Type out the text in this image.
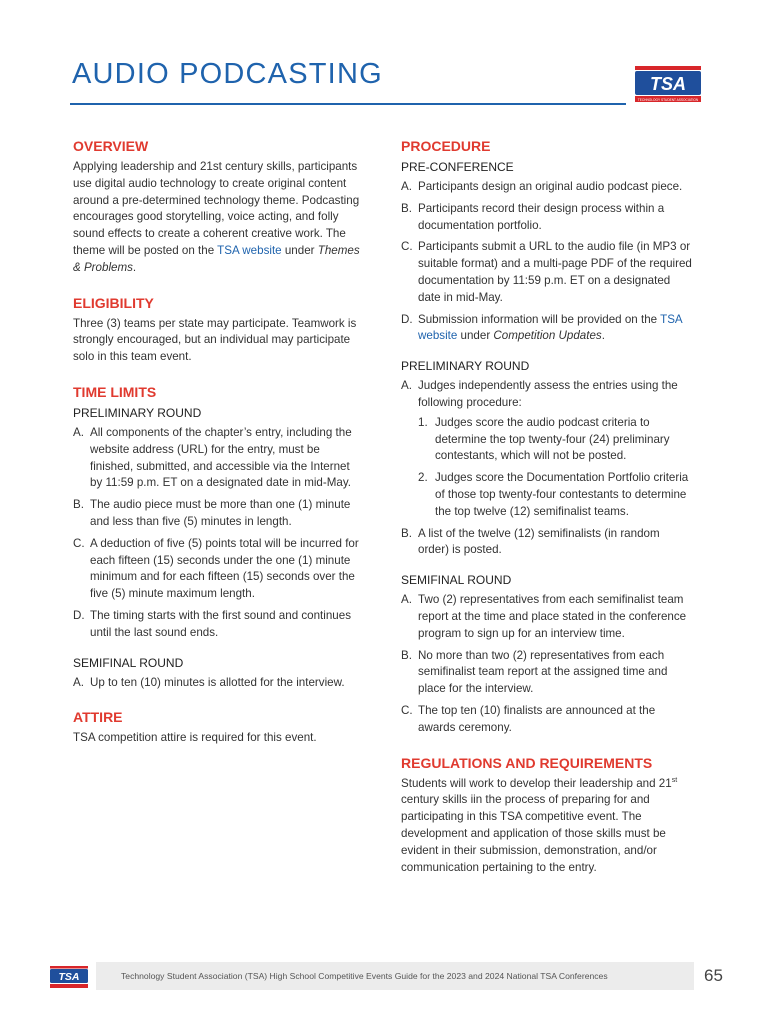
AUDIO PODCASTING	TSA
TECHNOLOGY STUDENT ASSOCIATION
OVERVIEW

Applying leadership and 21st century skills, participants use digital audio technology to create original content around a pre-determined technology theme. Podcasting encourages good storytelling, voice acting, and folly sound effects to create a coherent creative work. The theme will be posted on the TSA website under Themes & Problems.

ELIGIBILITY

Three (3) teams per state may participate. Teamwork is strongly encouraged, but an individual may participate solo in this team event.

TIME LIMITS
PRELIMINARY ROUND
A. All components of the chapter’s entry, including the website address (URL) for the entry, must be finished, submitted, and accessible via the Internet by 11:59 p.m. ET on a designated date in mid-May.
B. The audio piece must be more than one (1) minute and less than five (5) minutes in length.
C. A deduction of five (5) points total will be incurred for each fifteen (15) seconds under the one (1) minute minimum and for each fifteen (15) seconds over the five (5) minute maximum length.
D. The timing starts with the first sound and continues until the last sound ends.
SEMIFINAL ROUND
A. Up to ten (10) minutes is allotted for the interview.
ATTIRE

TSA competition attire is required for this event.

PROCEDURE
PRE-CONFERENCE
A. Participants design an original audio podcast piece.
B. Participants record their design process within a documentation portfolio.
C. Participants submit a URL to the audio file (in MP3 or suitable format) and a multi-page PDF of the required documentation by 11:59 p.m. ET on a designated date in mid-May.
D. Submission information will be provided on the TSA website under Competition Updates.
PRELIMINARY ROUND
A. Judges independently assess the entries using the following procedure:
1. Judges score the audio podcast criteria to determine the top twenty-four (24) preliminary contestants, which will not be posted.
2. Judges score the Documentation Portfolio criteria of those top twenty-four contestants to determine the top twelve (12) semifinalist teams.
B. A list of the twelve (12) semifinalists (in random order) is posted.
SEMIFINAL ROUND
A. Two (2) representatives from each semifinalist team report at the time and place stated in the conference program to sign up for an interview time.
B. No more than two (2) representatives from each semifinalist team report at the assigned time and place for the interview.
C. The top ten (10) finalists are announced at the awards ceremony.
REGULATIONS AND REQUIREMENTS

Students will work to develop their leadership and 21st century skills iin the process of preparing for and participating in this TSA competitive event. The development and application of those skills must be evident in their submission, demonstration, and/or communication pertaining to the entry.

TSA	Technology Student Association (TSA) High School Competitive Events Guide for the 2023 and 2024 National TSA Conferences	65
